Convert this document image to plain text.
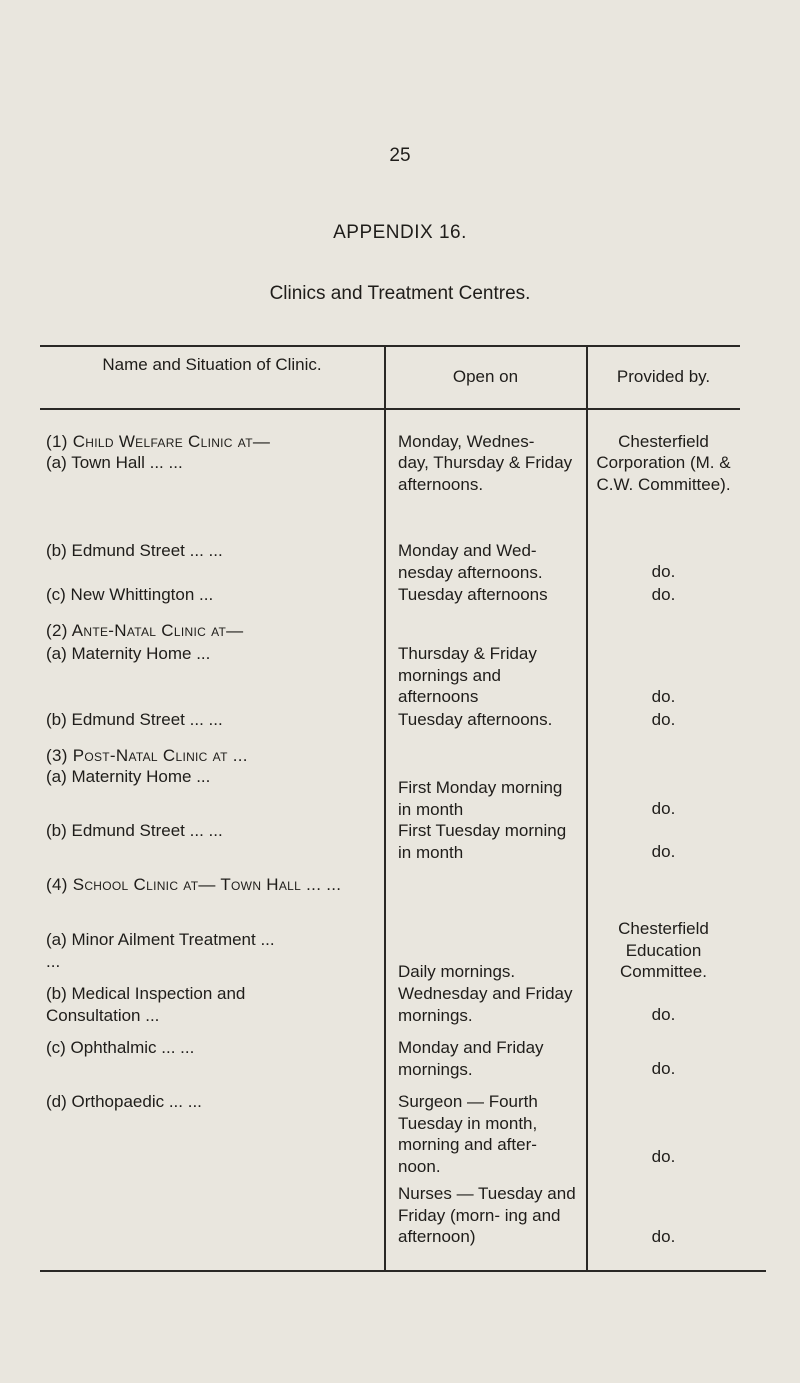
25
APPENDIX 16.
Clinics and Treatment Centres.
Name and Situation of Clinic.
Open on	Provided by.
(1) Child Welfare Clinic at—
(a) Town Hall ... ...
(b) Edmund Street ... ...
(c) New Whittington ...
(2) Ante-Natal Clinic at—
(a) Maternity Home ...
(b) Edmund Street ... ...
(3) Post-Natal Clinic at ...
(a) Maternity Home ...
(b) Edmund Street ... ...
(4) School Clinic at— Town Hall ... ...
(a) Minor Ailment Treatment ... ...
(b) Medical Inspection and Consultation ...
(c) Ophthalmic ... ...
(d) Orthopaedic ... ...
Monday, Wednes-
day, Thursday & Friday afternoons.
Monday and Wed- nesday afternoons.
Tuesday afternoons
Thursday & Friday mornings and afternoons
Tuesday afternoons.
First Monday morning in month
First Tuesday morning in month
Daily mornings.
Wednesday and Friday mornings.
Monday and Friday mornings.
Surgeon — Fourth Tuesday in month, morning and after- noon.
Nurses — Tuesday and Friday (morn- ing and afternoon)
Chesterfield
Corporation (M. & C.W. Committee).
do.
do.
do.
do.
do.
do.
Chesterfield Education Committee.
do.
do.
do.
do.
